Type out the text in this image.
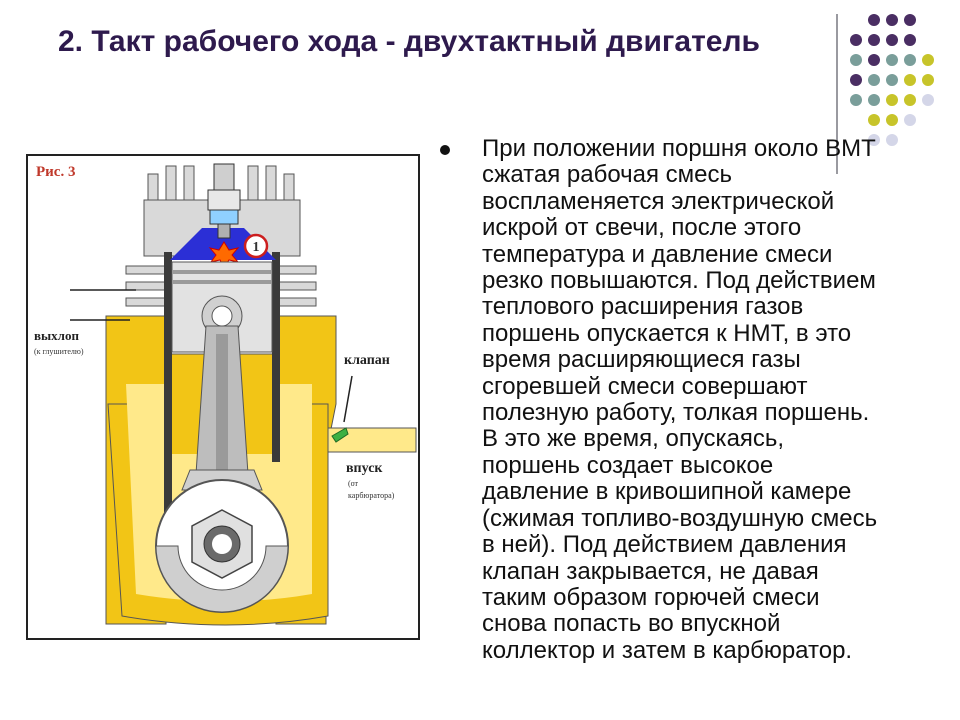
2. Такт рабочего хода - двухтактный двигатель
При положении поршня около ВМТ
сжатая рабочая смесь
воспламеняется электрической
искрой от свечи, после этого
температура и давление смеси
резко повышаются. Под действием
теплового расширения газов
поршень опускается к НМТ, в это
время расширяющиеся газы
сгоревшей смеси совершают
полезную работу, толкая поршень.
В это же время, опускаясь,
поршень создает высокое
давление в кривошипной камере
(сжимая топливо-воздушную смесь
в ней). Под действием давления
клапан закрывается, не давая
таким образом горючей смеси
снова попасть во впускной
коллектор и затем в карбюратор.
Рис. 3
1
выхлоп
(к глушителю)
клапан
впуск
(от
карбюратора)
